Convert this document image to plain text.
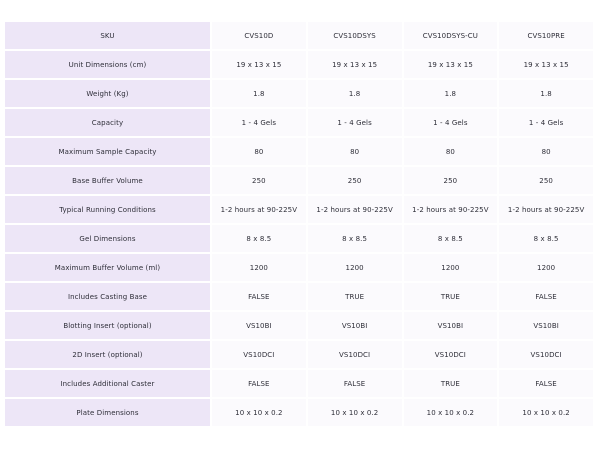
SKU	CVS10D	CVS10DSYS	CVS10DSYS-CU	CVS10PRE
Unit Dimensions (cm)	19 x 13 x 15	19 x 13 x 15	19 x 13 x 15	19 x 13 x 15
Weight (Kg)	1.8	1.8	1.8	1.8
Capacity	1 - 4 Gels	1 - 4 Gels	1 - 4 Gels	1 - 4 Gels
Maximum Sample Capacity	80	80	80	80
Base Buffer Volume	250	250	250	250
Typical Running Conditions	1-2 hours at 90-225V	1-2 hours at 90-225V	1-2 hours at 90-225V	1-2 hours at 90-225V
Gel Dimensions	8 x 8.5	8 x 8.5	8 x 8.5	8 x 8.5
Maximum Buffer Volume (ml)	1200	1200	1200	1200
Includes Casting Base	FALSE	TRUE	TRUE	FALSE
Blotting Insert (optional)	VS10BI	VS10BI	VS10BI	VS10BI
2D Insert (optional)	VS10DCI	VS10DCI	VS10DCI	VS10DCI
Includes Additional Caster	FALSE	FALSE	TRUE	FALSE
Plate Dimensions	10 x 10 x 0.2	10 x 10 x 0.2	10 x 10 x 0.2	10 x 10 x 0.2
